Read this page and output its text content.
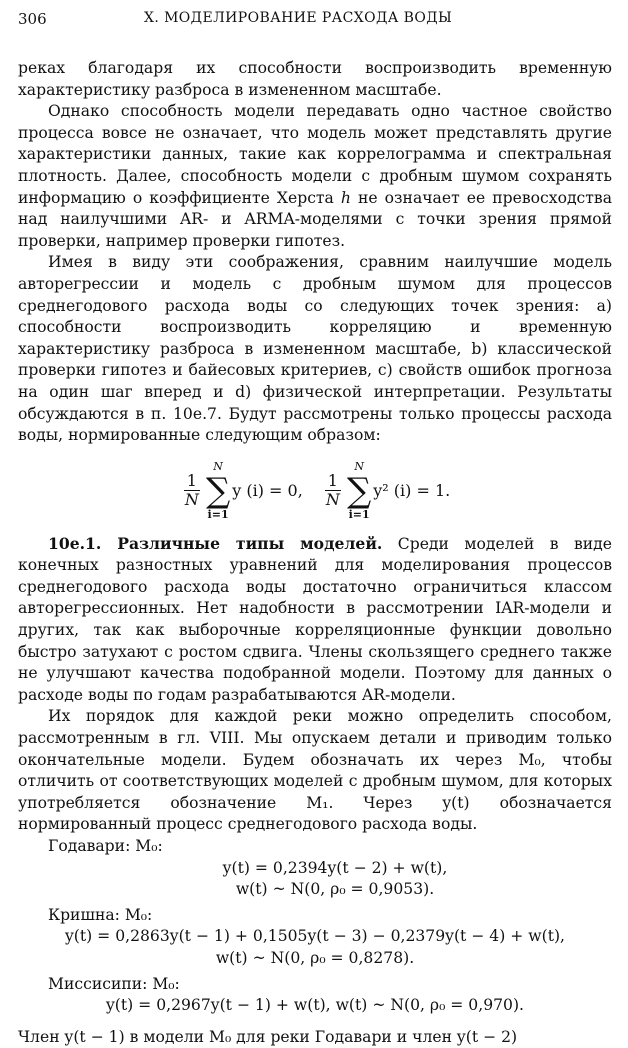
306	X. МОДЕЛИРОВАНИЕ РАСХОДА ВОДЫ

реках благодаря их способности воспроизводить временную характеристику разброса в измененном масштабе.

Однако способность модели передавать одно частное свойство процесса вовсе не означает, что модель может представлять другие характеристики данных, такие как коррелограмма и спектральная плотность. Далее, способность модели с дробным шумом сохранять информацию о коэффициенте Херста ℎ не означает ее превосходства над наилучшими AR- и ARMA-моделями с точки зрения прямой проверки, например проверки гипотез.

Имея в виду эти соображения, сравним наилучшие модель авторегрессии и модель с дробным шумом для процессов среднегодового расхода воды со следующих точек зрения: a) способности воспроизводить корреляцию и временную характеристику разброса в измененном масштабе, b) классической проверки гипотез и байесовых критериев, c) свойств ошибок прогноза на один шаг вперед и d) физической интерпретации. Результаты обсуждаются в п. 10е.7. Будут рассмотрены только процессы расхода воды, нормированные следующим образом:

$\frac{1}{N}$
N
∑
i=1
y (i) = 0, $\frac{1}{N}$
N
∑
i=1
y² (i) = 1.

10е.1. Различные типы моделей. Среди моделей в виде конечных разностных уравнений для моделирования процессов среднегодового расхода воды достаточно ограничиться классом авторегрессионных. Нет надобности в рассмотрении IAR-модели и других, так как выборочные корреляционные функции довольно быстро затухают с ростом сдвига. Члены скользящего среднего также не улучшают качества подобранной модели. Поэтому для данных о расходе воды по годам разрабатываются AR-модели.

Их порядок для каждой реки можно определить способом, рассмотренным в гл. VIII. Мы опускаем детали и приводим только окончательные модели. Будем обозначать их через M₀, чтобы отличить от соответствующих моделей с дробным шумом, для которых употребляется обозначение M₁. Через y(t) обозначается нормированный процесс среднегодового расхода воды.

Годавари: M₀:

y(t) = 0,2394y(t − 2) + w(t),
w(t) ~ N(0, ρ₀ = 0,9053).

Кришна: M₀:

y(t) = 0,2863y(t − 1) + 0,1505y(t − 3) − 0,2379y(t − 4) + w(t),
w(t) ~ N(0, ρ₀ = 0,8278).

Миссисипи: M₀:

y(t) = 0,2967y(t − 1) + w(t), w(t) ~ N(0, ρ₀ = 0,970).

Член y(t − 1) в модели M₀ для реки Годавари и член y(t − 2)
